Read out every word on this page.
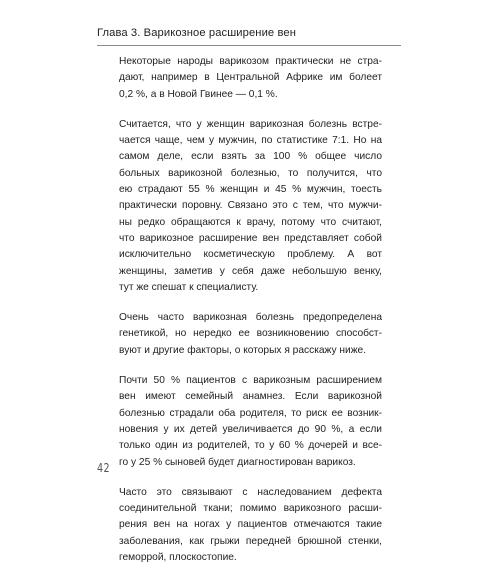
Глава 3. Варикозное расширение вен

Некоторые народы варикозом практически не стра-
дают, например в Центральной Африке им болеет
0,2 %, а в Новой Гвинее — 0,1 %.

Считается, что у женщин варикозная болезнь встре-
чается чаще, чем у мужчин, по статистике 7:1. Но на
самом деле, если взять за 100 % общее число
больных варикозной болезнью, то получится, что
ею страдают 55 % женщин и 45 % мужчин, тоесть
практически поровну. Связано это с тем, что мужчи-
ны редко обращаются к врачу, потому что считают,
что варикозное расширение вен представляет собой
исключительно косметическую проблему. А вот
женщины, заметив у себя даже небольшую венку,
тут же спешат к специалисту.

Очень часто варикозная болезнь предопределена
генетикой, но нередко ее возникновению способст-
вуют и другие факторы, о которых я расскажу ниже.

Почти 50 % пациентов с варикозным расширением
вен имеют семейный анамнез. Если варикозной
болезнью страдали оба родителя, то риск ее возник-
новения у их детей увеличивается до 90 %, а если
только один из родителей, то у 60 % дочерей и все-
го у 25 % сыновей будет диагностирован варикоз.

Часто это связывают с наследованием дефекта
соединительной ткани; помимо варикозного расши-
рения вен на ногах у пациентов отмечаются такие
заболевания, как грыжи передней брюшной стенки,
геморрой, плоскостопие.

42
